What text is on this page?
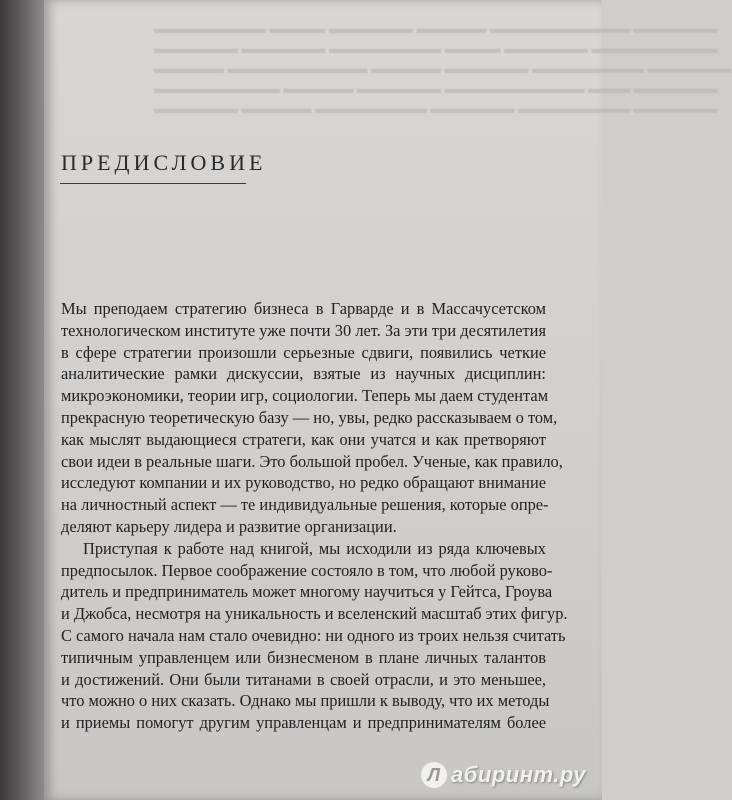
▬▬▬▬▬▬▬▬ ▬▬▬▬ ▬▬▬▬▬▬ ▬▬▬▬▬ ▬▬▬▬▬▬▬▬▬▬ ▬▬▬▬▬▬
▬▬▬▬▬▬ ▬▬▬▬▬▬ ▬▬▬▬▬▬▬▬ ▬▬▬▬ ▬▬▬▬▬▬ ▬▬▬▬▬▬▬▬▬
▬▬▬▬▬ ▬▬▬▬▬▬▬▬▬▬ ▬▬▬▬▬ ▬▬▬▬▬▬ ▬▬▬▬▬▬▬▬ ▬▬▬▬▬▬
▬▬▬▬▬▬▬▬▬ ▬▬▬▬▬ ▬▬▬▬▬▬ ▬▬▬▬▬▬▬▬▬▬ ▬▬▬ ▬▬▬▬▬▬
▬▬▬▬▬▬ ▬▬▬▬▬ ▬▬▬▬▬▬▬▬ ▬▬▬▬▬▬ ▬▬▬▬▬▬▬▬ ▬▬▬▬▬▬
ПРЕДИСЛОВИЕ
Мы преподаем стратегию бизнеса в Гарварде и в Массачусетском
технологическом институте уже почти 30 лет. За эти три десятилетия
в сфере стратегии произошли серьезные сдвиги, появились четкие
аналитические рамки дискуссии, взятые из научных дисциплин:
микроэкономики, теории игр, социологии. Теперь мы даем студентам
прекрасную теоретическую базу — но, увы, редко рассказываем о том,
как мыслят выдающиеся стратеги, как они учатся и как претворяют
свои идеи в реальные шаги. Это большой пробел. Ученые, как правило,
исследуют компании и их руководство, но редко обращают внимание
на личностный аспект — те индивидуальные решения, которые опре-
деляют карьеру лидера и развитие организации.
Приступая к работе над книгой, мы исходили из ряда ключевых
предпосылок. Первое соображение состояло в том, что любой руково-
дитель и предприниматель может многому научиться у Гейтса, Гроува
и Джобса, несмотря на уникальность и вселенский масштаб этих фигур.
С самого начала нам стало очевидно: ни одного из троих нельзя считать
типичным управленцем или бизнесменом в плане личных талантов
и достижений. Они были титанами в своей отрасли, и это меньшее,
что можно о них сказать. Однако мы пришли к выводу, что их методы
и приемы помогут другим управленцам и предпринимателям более
Л абиринт.ру
